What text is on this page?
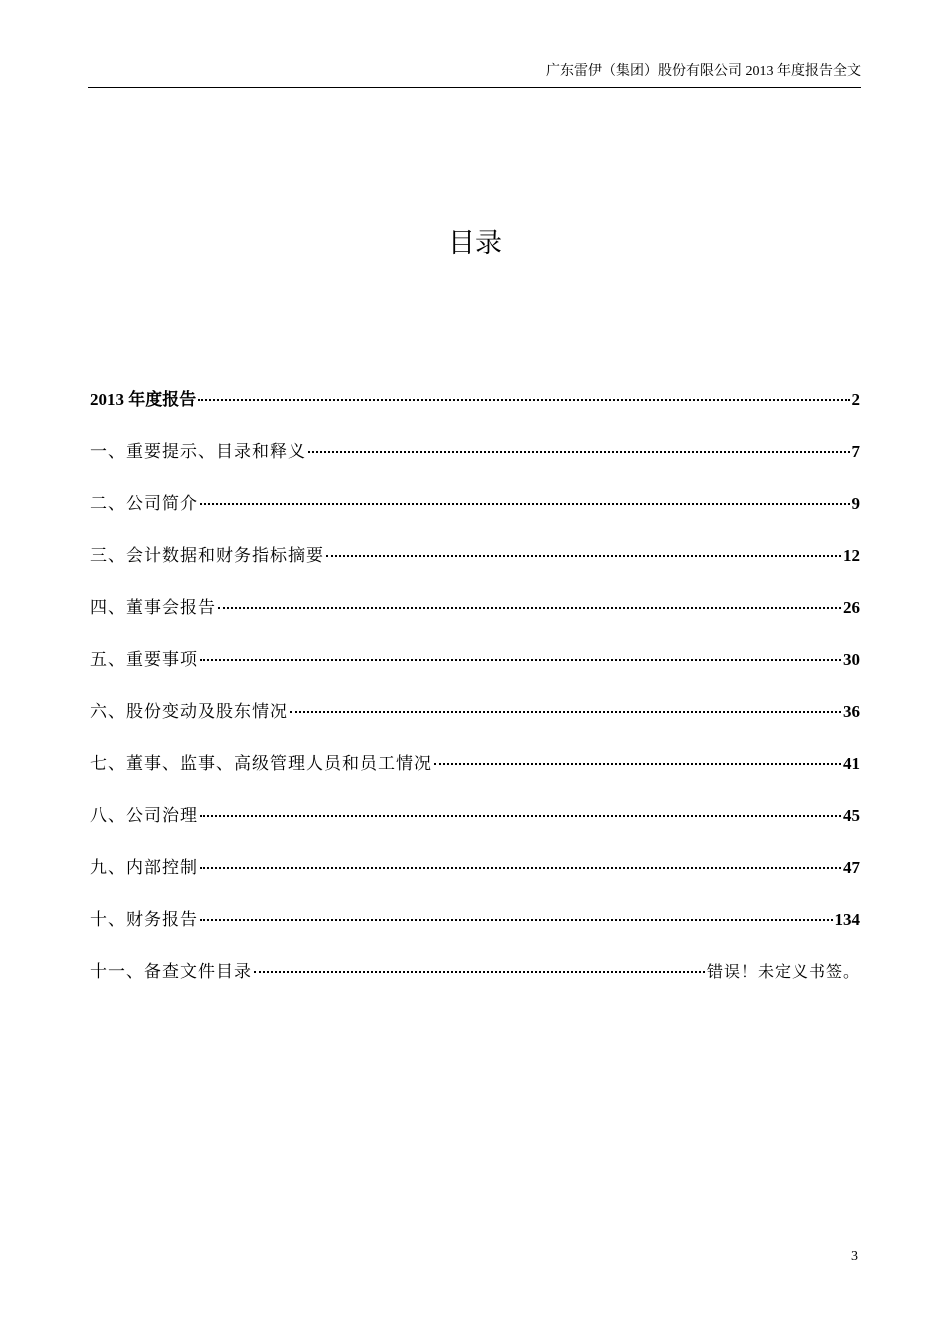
广东雷伊（集团）股份有限公司 2013 年度报告全文
目录
2013 年度报告	2
一、重要提示、目录和释义	7
二、公司简介	9
三、会计数据和财务指标摘要	12
四、董事会报告	26
五、重要事项	30
六、股份变动及股东情况	36
七、董事、监事、高级管理人员和员工情况	41
八、公司治理	45
九、内部控制	47
十、财务报告	134
十一、备查文件目录	错误！未定义书签。
3
